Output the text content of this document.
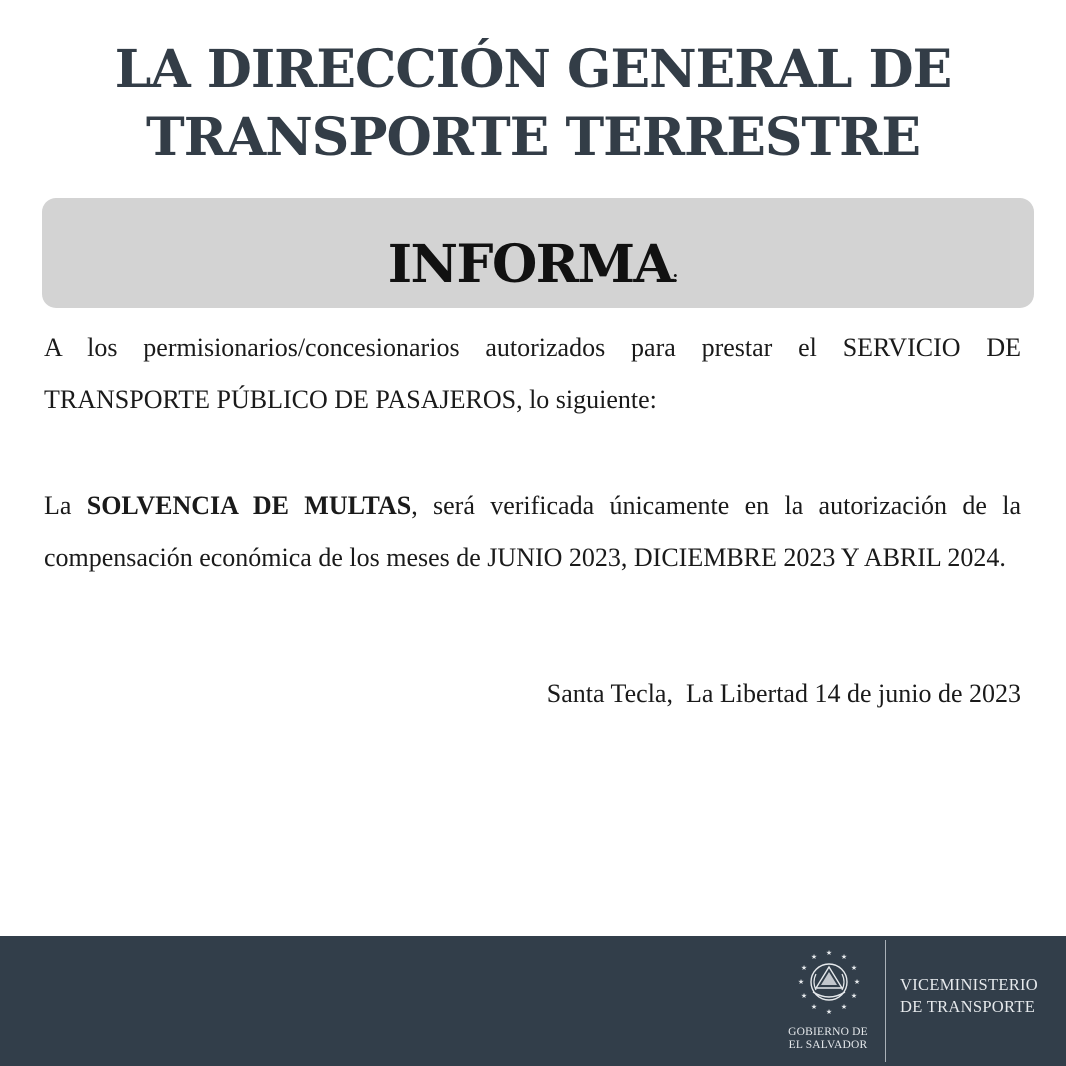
LA DIRECCIÓN GENERAL DE
TRANSPORTE TERRESTRE
INFORMA:
A los permisionarios/concesionarios autorizados para prestar el SERVICIO DE TRANSPORTE PÚBLICO DE PASAJEROS, lo siguiente:
La SOLVENCIA DE MULTAS, será verificada únicamente en la autorización de la compensación económica de los meses de JUNIO 2023, DICIEMBRE 2023 Y ABRIL 2024.
Santa Tecla,  La Libertad 14 de junio de 2023
★ ★
★
★
★
★
★
★
★
★
★
★
GOBIERNO DE
EL SALVADOR
VICEMINISTERIO
DE TRANSPORTE
